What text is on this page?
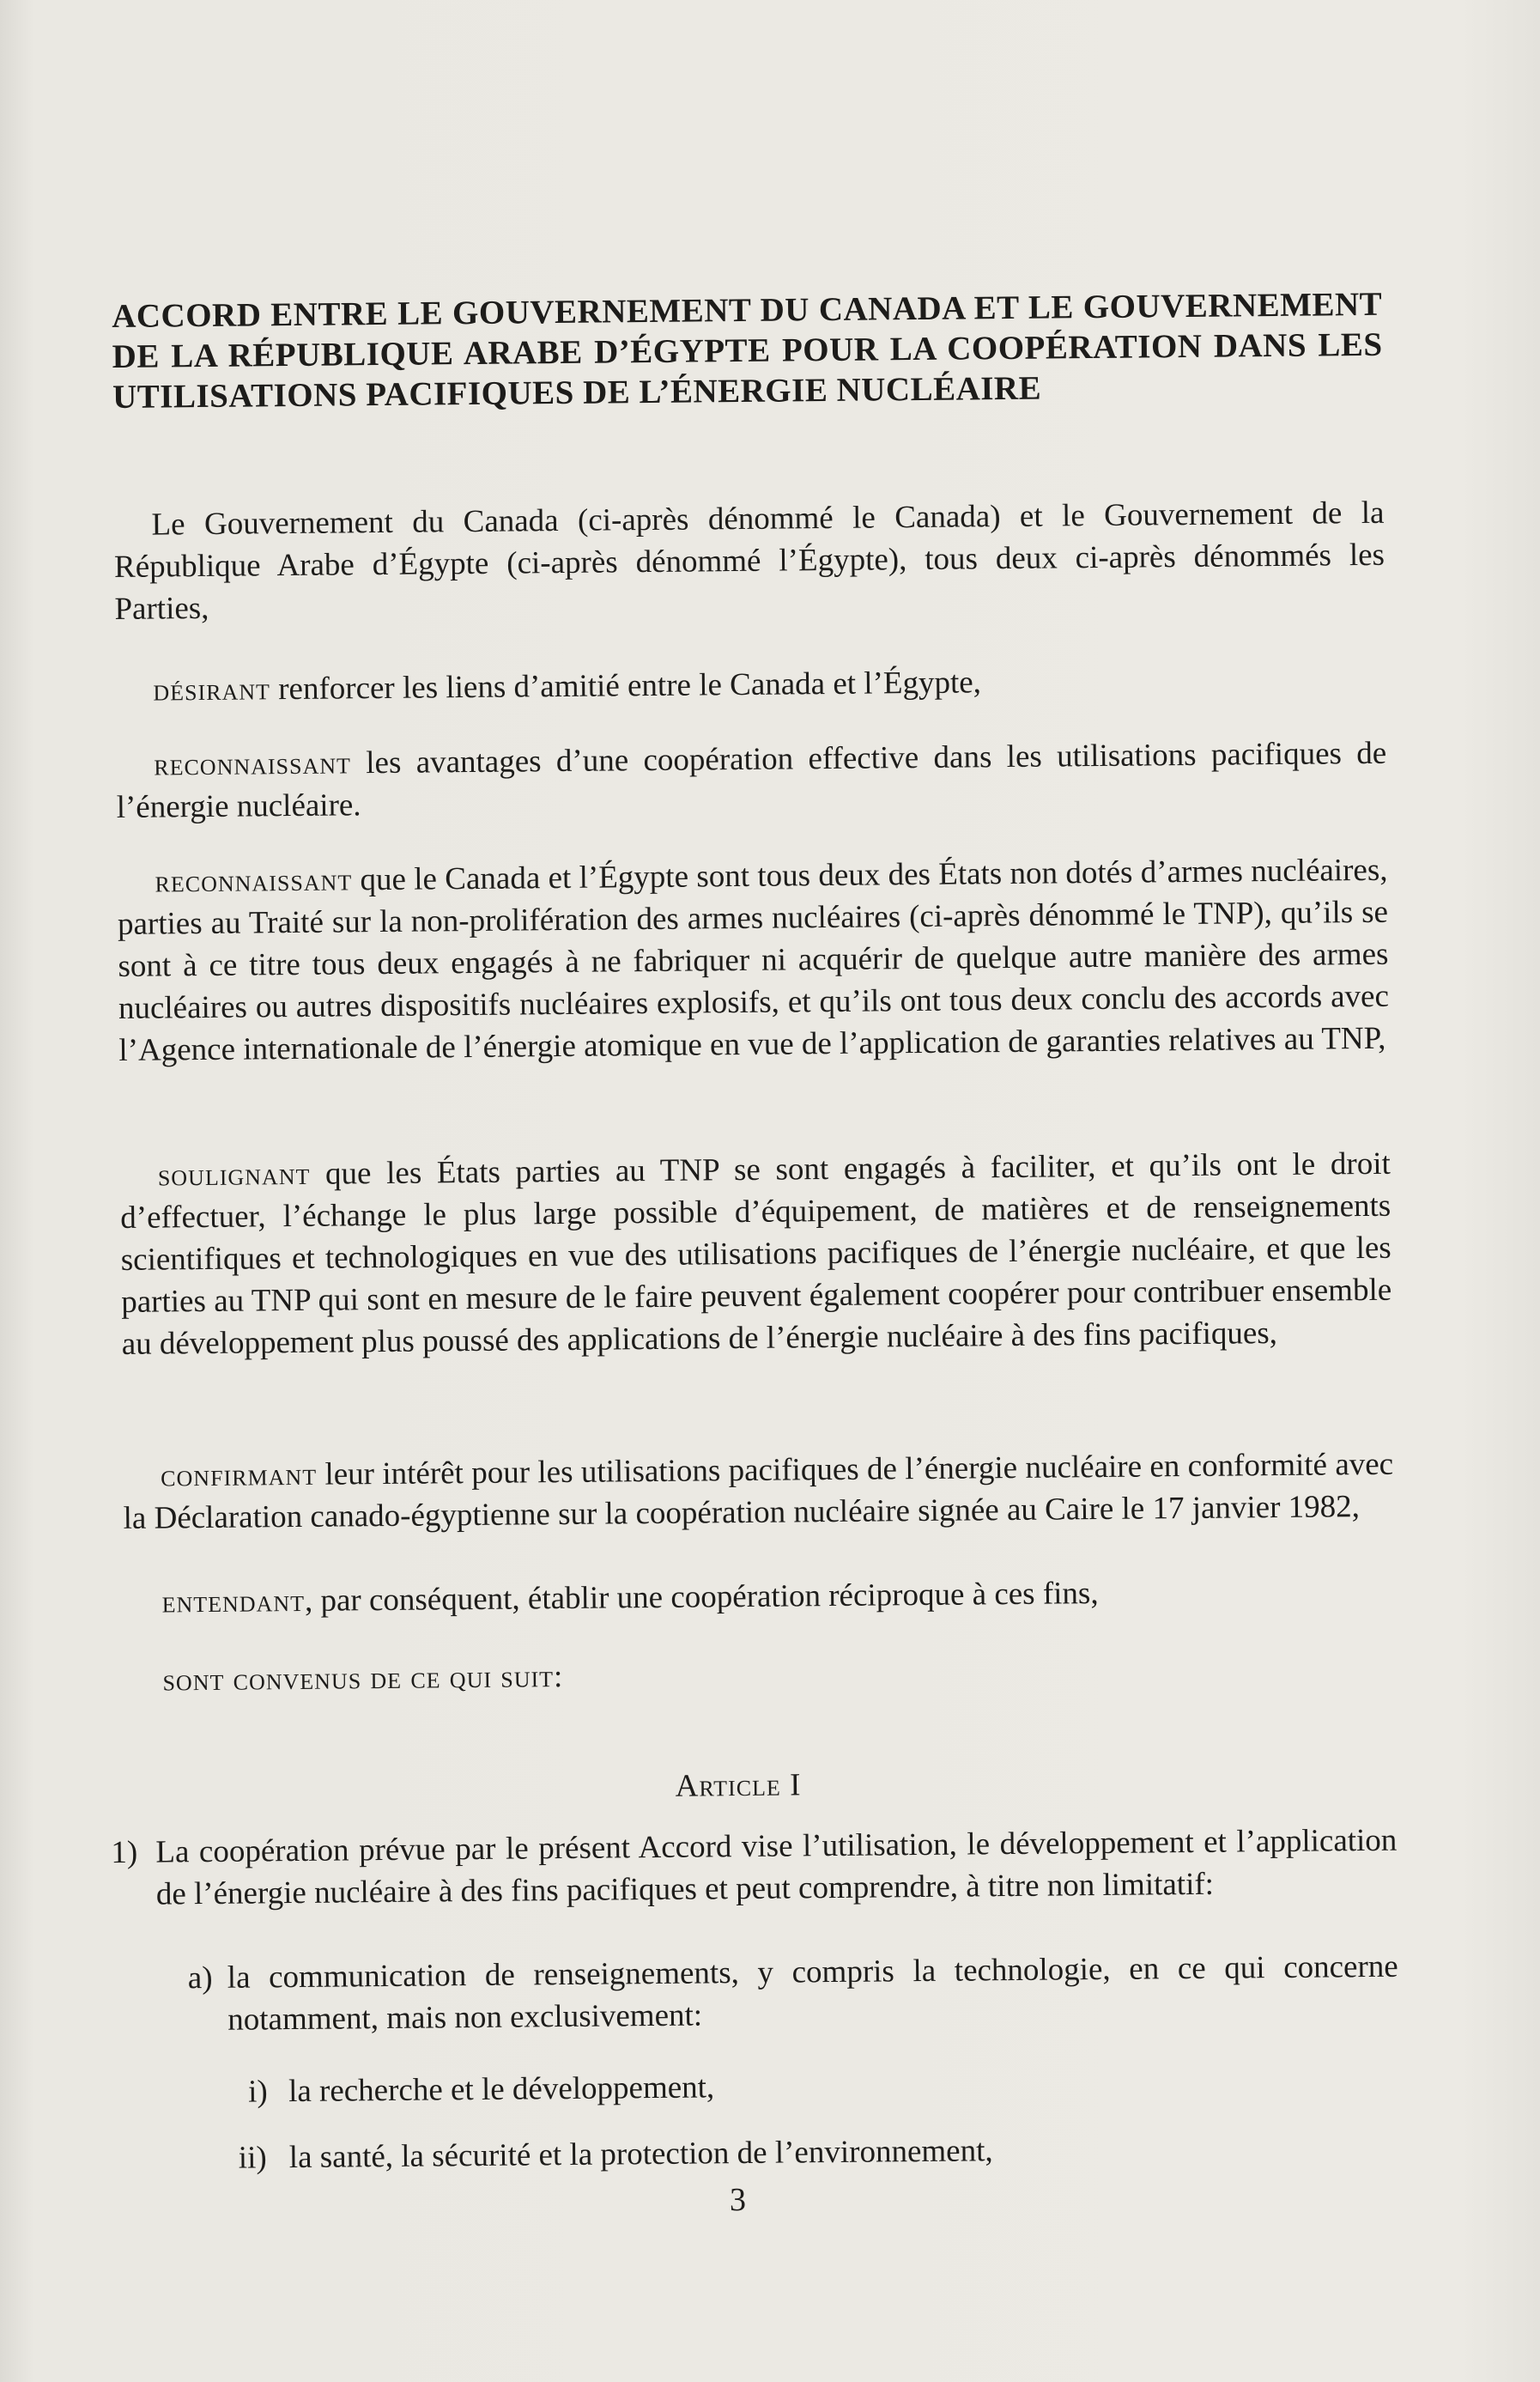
ACCORD ENTRE LE GOUVERNEMENT DU CANADA ET LE GOUVERNEMENT DE LA RÉPUBLIQUE ARABE D’ÉGYPTE POUR LA COOPÉRATION DANS LES UTILISATIONS PACIFIQUES DE L’ÉNERGIE NUCLÉAIRE

Le Gouvernement du Canada (ci-après dénommé le Canada) et le Gouvernement de la République Arabe d’Égypte (ci-après dénommé l’Égypte), tous deux ci-après dénommés les Parties,

désirant renforcer les liens d’amitié entre le Canada et l’Égypte,

reconnaissant les avantages d’une coopération effective dans les utilisations pacifiques de l’énergie nucléaire.

reconnaissant que le Canada et l’Égypte sont tous deux des États non dotés d’armes nucléaires, parties au Traité sur la non-prolifération des armes nucléaires (ci-après dénommé le TNP), qu’ils se sont à ce titre tous deux engagés à ne fabriquer ni acquérir de quelque autre manière des armes nucléaires ou autres dispositifs nucléaires explosifs, et qu’ils ont tous deux conclu des accords avec l’Agence internationale de l’énergie atomique en vue de l’application de garanties relatives au TNP,

soulignant que les États parties au TNP se sont engagés à faciliter, et qu’ils ont le droit d’effectuer, l’échange le plus large possible d’équipement, de matières et de renseignements scientifiques et technologiques en vue des utilisations pacifiques de l’énergie nucléaire, et que les parties au TNP qui sont en mesure de le faire peuvent également coopérer pour contribuer ensemble au développement plus poussé des applications de l’énergie nucléaire à des fins pacifiques,

confirmant leur intérêt pour les utilisations pacifiques de l’énergie nucléaire en conformité avec la Déclaration canado-égyptienne sur la coopération nucléaire signée au Caire le 17 janvier 1982,

entendant, par conséquent, établir une coopération réciproque à ces fins,

sont convenus de ce qui suit:

Article I
1) La coopération prévue par le présent Accord vise l’utilisation, le développement et l’application de l’énergie nucléaire à des fins pacifiques et peut comprendre, à titre non limitatif:
a) la communication de renseignements, y compris la technologie, en ce qui concerne notamment, mais non exclusivement:
i) la recherche et le développement,
ii) la santé, la sécurité et la protection de l’environnement,
3
